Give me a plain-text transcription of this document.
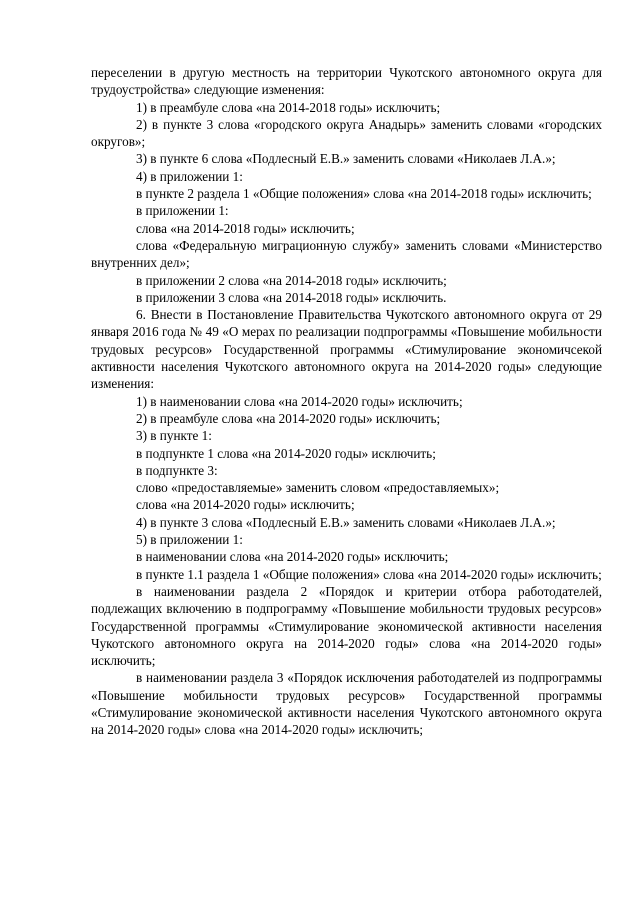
переселении в другую местность на территории Чукотского автономного округа для трудоустройства» следующие изменения:

1) в преамбуле слова «на 2014-2018 годы» исключить;

2) в пункте 3 слова «городского округа Анадырь» заменить словами «городских округов»;

3) в пункте 6 слова «Подлесный Е.В.» заменить словами «Николаев Л.А.»;

4) в приложении 1:

в пункте 2 раздела 1 «Общие положения» слова «на 2014-2018 годы» исключить;

в приложении 1:

слова «на 2014-2018 годы» исключить;

слова «Федеральную миграционную службу» заменить словами «Министерство внутренних дел»;

в приложении 2 слова «на 2014-2018 годы» исключить;

в приложении 3 слова «на 2014-2018 годы» исключить.

6. Внести в Постановление Правительства Чукотского автономного округа от 29 января 2016 года № 49 «О мерах по реализации подпрограммы «Повышение мобильности трудовых ресурсов» Государственной программы «Стимулирование экономичсекой активности населения Чукотского автономного округа на 2014-2020 годы» следующие изменения:

1) в наименовании слова «на 2014-2020 годы» исключить;

2) в преамбуле слова «на 2014-2020 годы» исключить;

3) в пункте 1:

в подпункте 1 слова «на 2014-2020 годы» исключить;

в подпункте 3:

слово «предоставляемые» заменить словом «предоставляемых»;

слова «на 2014-2020 годы» исключить;

4) в пункте 3 слова «Подлесный Е.В.» заменить словами «Николаев Л.А.»;

5) в приложении 1:

в наименовании слова «на 2014-2020 годы» исключить;

в пункте 1.1 раздела 1 «Общие положения» слова «на 2014-2020 годы» исключить;

в наименовании раздела 2 «Порядок и критерии отбора работодателей, подлежащих включению в подпрограмму «Повышение мобильности трудовых ресурсов» Государственной программы «Стимулирование экономической активности населения Чукотского автономного округа на 2014-2020 годы» слова «на 2014-2020 годы» исключить;

в наименовании раздела 3 «Порядок исключения работодателей из подпрограммы «Повышение мобильности трудовых ресурсов» Государственной программы «Стимулирование экономической активности населения Чукотского автономного округа на 2014-2020 годы» слова «на 2014-2020 годы» исключить;
